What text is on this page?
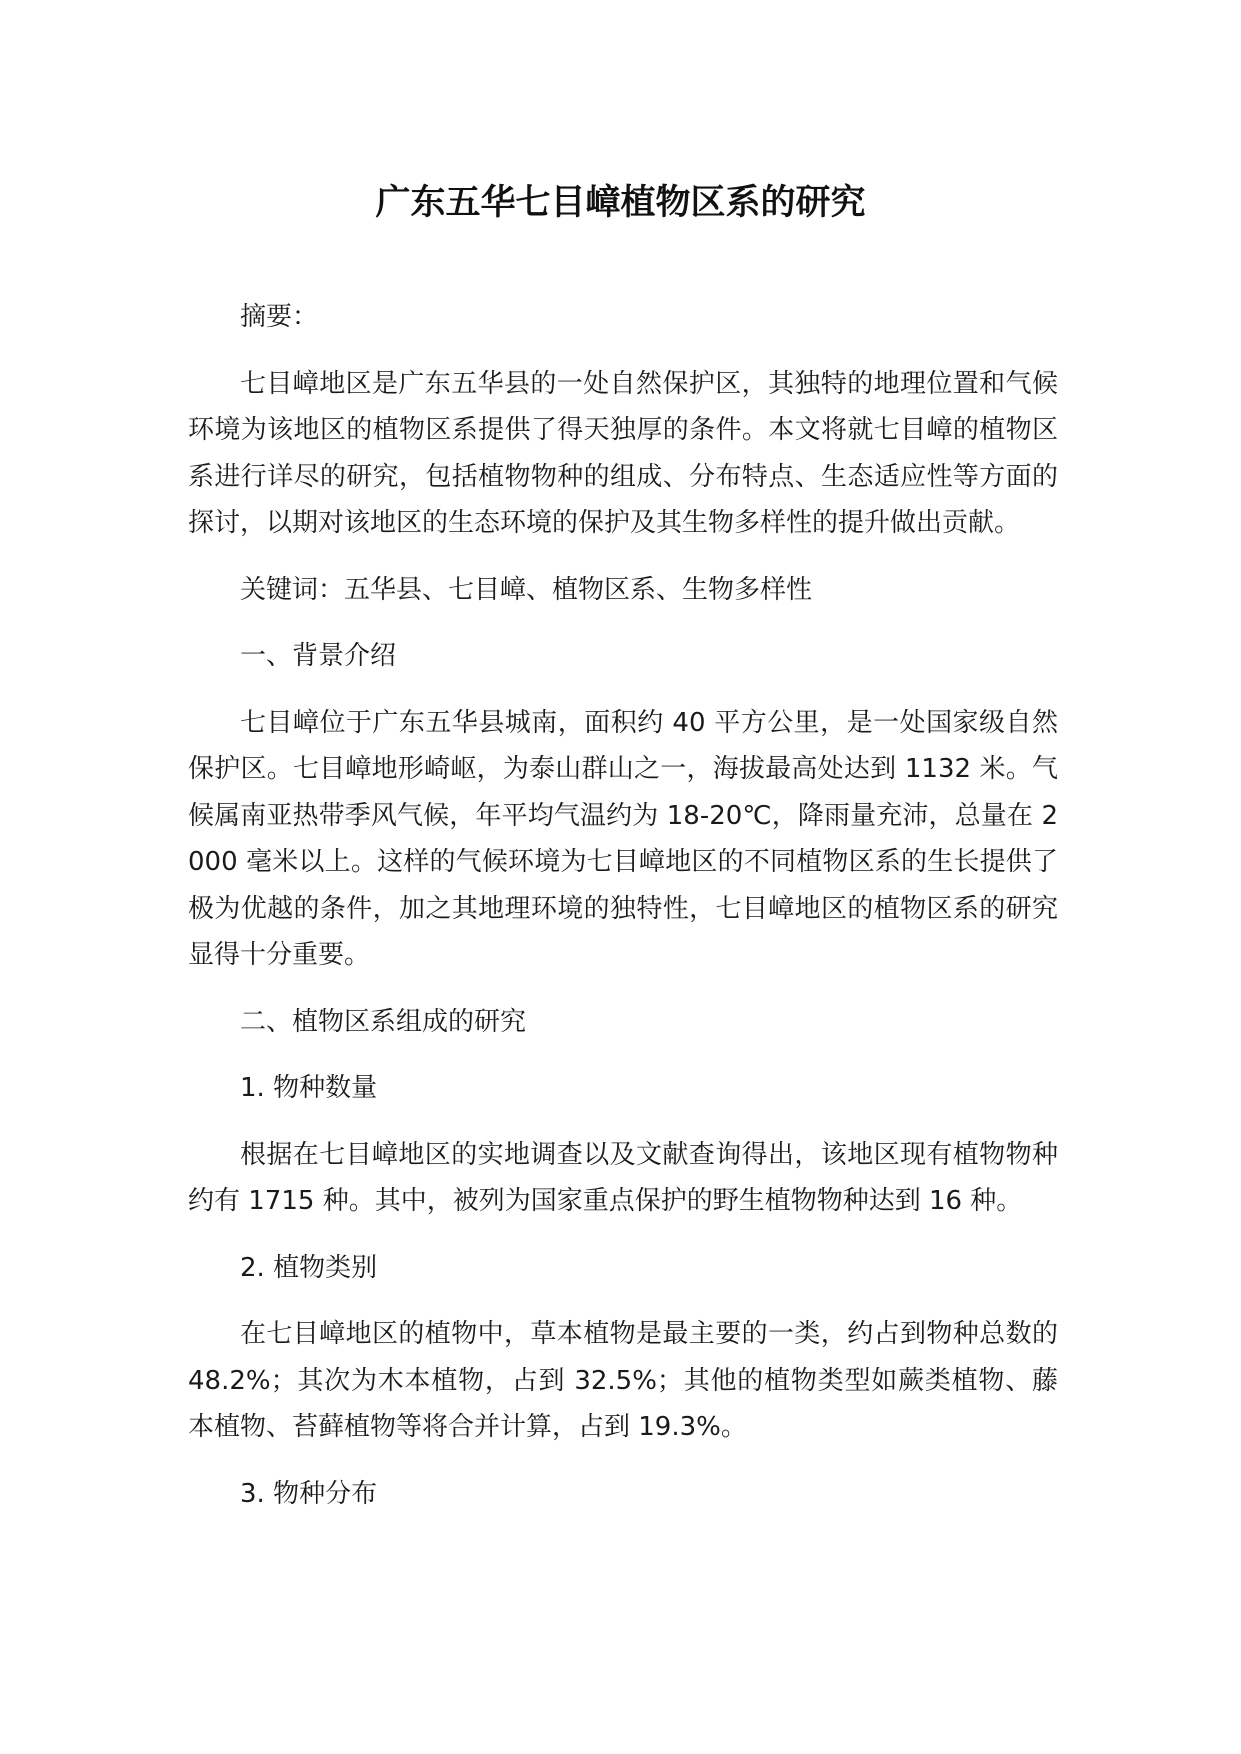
广东五华七目嶂植物区系的研究

摘要：

七目嶂地区是广东五华县的一处自然保护区，其独特的地理位置和气候环境为该地区的植物区系提供了得天独厚的条件。本文将就七目嶂的植物区系进行详尽的研究，包括植物物种的组成、分布特点、生态适应性等方面的探讨，以期对该地区的生态环境的保护及其生物多样性的提升做出贡献。

关键词：五华县、七目嶂、植物区系、生物多样性

一、背景介绍

七目嶂位于广东五华县城南，面积约 40 平方公里，是一处国家级自然保护区。七目嶂地形崎岖，为泰山群山之一，海拔最高处达到 1132 米。气候属南亚热带季风气候，年平均气温约为 18-20℃，降雨量充沛，总量在 2000 毫米以上。这样的气候环境为七目嶂地区的不同植物区系的生长提供了极为优越的条件，加之其地理环境的独特性，七目嶂地区的植物区系的研究显得十分重要。

二、植物区系组成的研究

1. 物种数量

根据在七目嶂地区的实地调查以及文献查询得出，该地区现有植物物种约有 1715 种。其中，被列为国家重点保护的野生植物物种达到 16 种。

2. 植物类别

在七目嶂地区的植物中，草本植物是最主要的一类，约占到物种总数的 48.2%；其次为木本植物，占到 32.5%；其他的植物类型如蕨类植物、藤本植物、苔藓植物等将合并计算，占到 19.3%。

3. 物种分布
